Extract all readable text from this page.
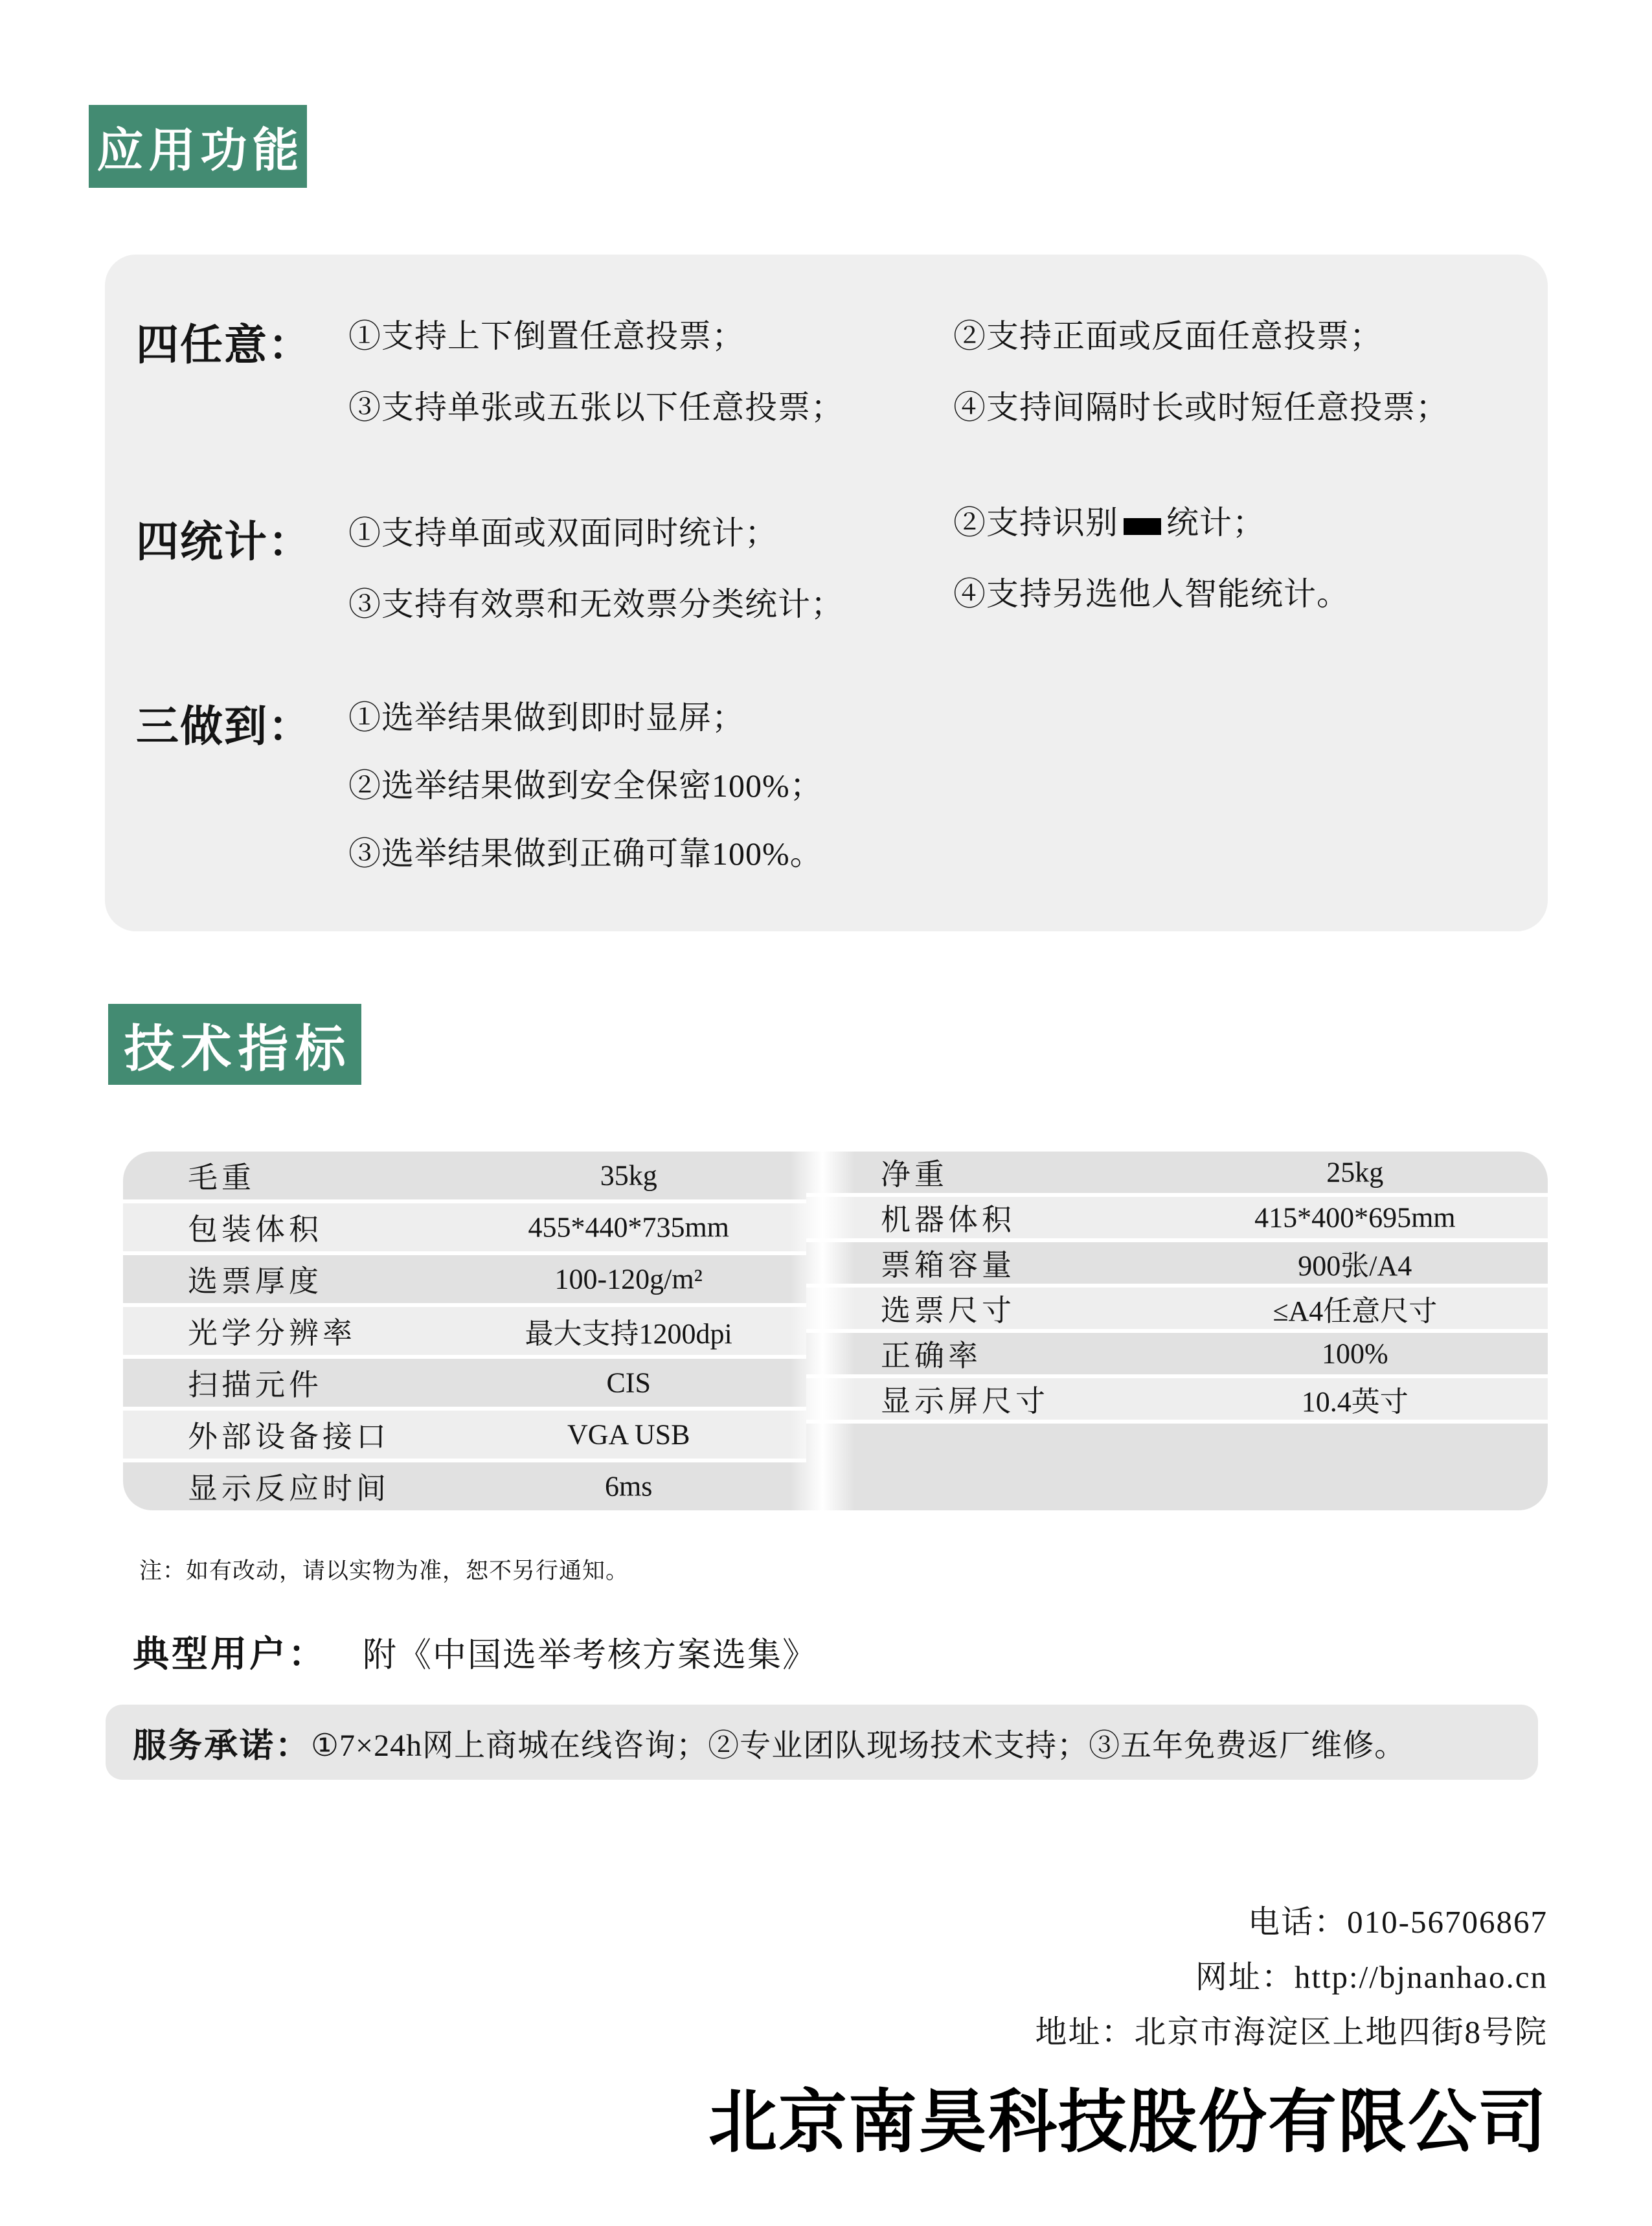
应用功能
四任意： ①支持上下倒置任意投票；	②支持正面或反面任意投票；
③支持单张或五张以下任意投票；	④支持间隔时长或时短任意投票；
四统计： ①支持单面或双面同时统计；	②支持识别 统计；
③支持有效票和无效票分类统计；	④支持另选他人智能统计。
三做到： ①选举结果做到即时显屏；
②选举结果做到安全保密100%；
③选举结果做到正确可靠100%。
技术指标
毛重	35kg
包装体积	455*440*735mm
选票厚度	100-120g/m²
光学分辨率	最大支持1200dpi
扫描元件	CIS
外部设备接口	VGA USB
显示反应时间	6ms
净重	25kg
机器体积	415*400*695mm
票箱容量	900张/A4
选票尺寸	≤A4任意尺寸
正确率	100%
显示屏尺寸	10.4英寸
注：如有改动，请以实物为准，恕不另行通知。
典型用户： 附《中国选举考核方案选集》
服务承诺： ①7×24h网上商城在线咨询；②专业团队现场技术支持；③五年免费返厂维修。
电话：010-56706867
网址：http://bjnanhao.cn
地址：北京市海淀区上地四街8号院
北京南昊科技股份有限公司
